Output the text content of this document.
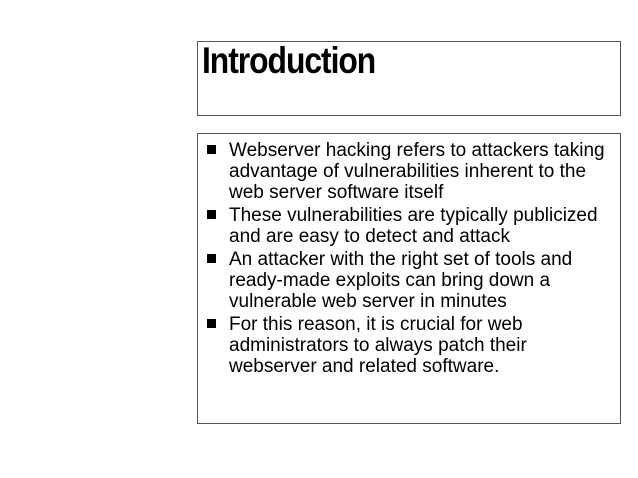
Introduction
Webserver hacking refers to attackers taking advantage of vulnerabilities inherent to the web server software itself
These vulnerabilities are typically publicized and are easy to detect and attack
An attacker with the right set of tools and ready-made exploits can bring down a vulnerable web server in minutes
For this reason, it is crucial for web administrators to always patch their webserver and related software.
